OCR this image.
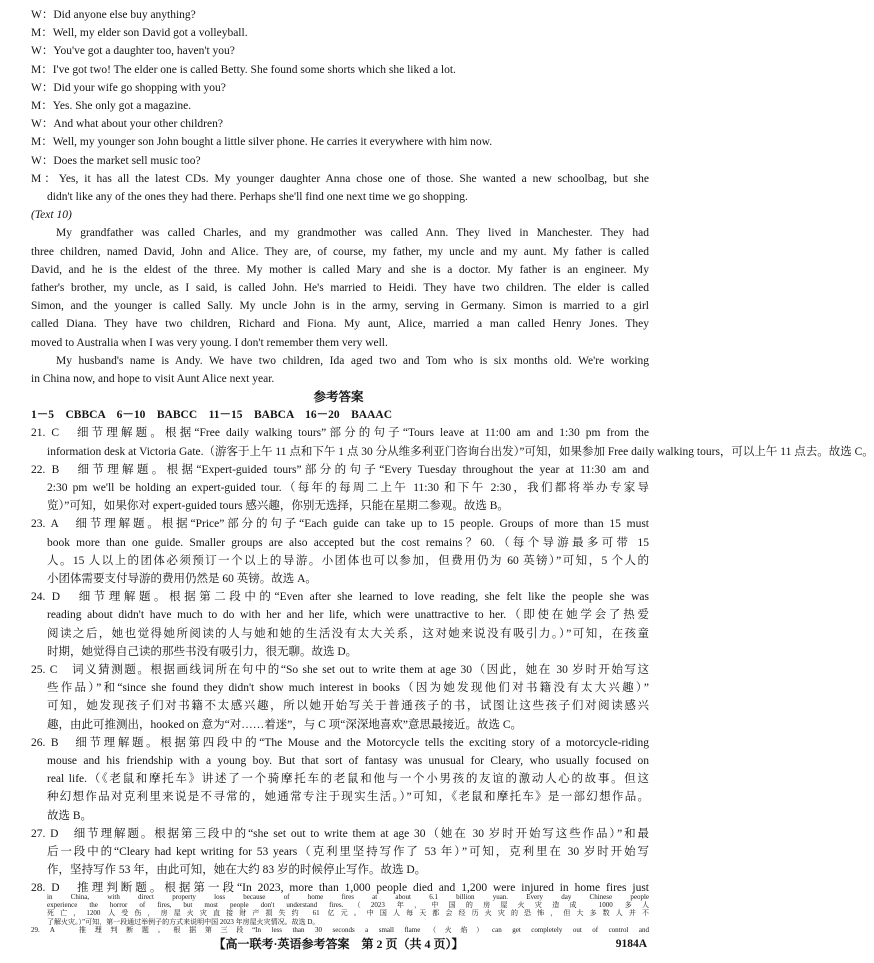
W：Did anyone else buy anything?
M：Well, my elder son David got a volleyball.
W：You've got a daughter too, haven't you?
M：I've got two! The elder one is called Betty. She found some shorts which she liked a lot.
W：Did your wife go shopping with you?
M：Yes. She only got a magazine.
W：And what about your other children?
M：Well, my younger son John bought a little silver phone. He carries it everywhere with him now.
W：Does the market sell music too?
M：Yes, it has all the latest CDs. My younger daughter Anna chose one of those. She wanted a new schoolbag, but she
didn't like any of the ones they had there. Perhaps she'll find one next time we go shopping.
(Text 10)
My grandfather was called Charles, and my grandmother was called Ann. They lived in Manchester. They had
three children, named David, John and Alice. They are, of course, my father, my uncle and my aunt. My father is called
David, and he is the eldest of the three. My mother is called Mary and she is a doctor. My father is an engineer. My
father's brother, my uncle, as I said, is called John. He's married to Heidi. They have two children. The elder is called
Simon, and the younger is called Sally. My uncle John is in the army, serving in Germany. Simon is married to a girl
called Diana. They have two children, Richard and Fiona. My aunt, Alice, married a man called Henry Jones. They
moved to Australia when I was very young. I don't remember them very well.
My husband's name is Andy. We have two children, Ida aged two and Tom who is six months old. We're working
in China now, and hope to visit Aunt Alice next year.
参考答案
1－5　CBBCA　6－10　BABCC　11－15　BABCA　16－20　BAAAC
21. C　细节理解题。根据“Free daily walking tours”部分的句子“Tours leave at 11:00 am and 1:30 pm from the
information desk at Victoria Gate.（游客于上午 11 点和下午 1 点 30 分从维多利亚门咨询台出发）”可知，如果参加 Free daily walking tours，可以上午 11 点去。故选 C。
22. B　细节理解题。根据“Expert-guided tours”部分的句子“Every Tuesday throughout the year at 11:30 am and
2:30 pm we'll be holding an expert-guided tour.（每年的每周二上午 11:30 和下午 2:30，我们都将举办专家导
览）”可知，如果你对 expert-guided tours 感兴趣，你别无选择，只能在星期二参观。故选 B。
23. A　细节理解题。根据“Price”部分的句子“Each guide can take up to 15 people. Groups of more than 15 must
book more than one guide. Smaller groups are also accepted but the cost remains？60.（每个导游最多可带 15
人。15 人以上的团体必须预订一个以上的导游。小团体也可以参加，但费用仍为 60 英镑）”可知，5 个人的
小团体需要支付导游的费用仍然是 60 英镑。故选 A。
24. D　细节理解题。根据第二段中的“Even after she learned to love reading, she felt like the people she was
reading about didn't have much to do with her and her life, which were unattractive to her.（即使在她学会了热爱
阅读之后，她也觉得她所阅读的人与她和她的生活没有太大关系，这对她来说没有吸引力。）”可知，在孩童
时期，她觉得自己读的那些书没有吸引力，很无聊。故选 D。
25. C　词义猜测题。根据画线词所在句中的“So she set out to write them at age 30（因此，她在 30 岁时开始写这
些作品）”和“since she found they didn't show much interest in books（因为她发现他们对书籍没有太大兴趣）”
可知，她发现孩子们对书籍不太感兴趣，所以她开始写关于普通孩子的书，试图让这些孩子们对阅读感兴
趣，由此可推测出，hooked on 意为“对……着迷”，与 C 项“深深地喜欢”意思最接近。故选 C。
26. B　细节理解题。根据第四段中的“The Mouse and the Motorcycle tells the exciting story of a motorcycle-riding
mouse and his friendship with a young boy. But that sort of fantasy was unusual for Cleary, who usually focused on
real life.（《老鼠和摩托车》讲述了一个骑摩托车的老鼠和他与一个小男孩的友谊的激动人心的故事。但这
种幻想作品对克利里来说是不寻常的，她通常专注于现实生活。）”可知，《老鼠和摩托车》是一部幻想作品。
故选 B。
27. D　细节理解题。根据第三段中的“she set out to write them at age 30（她在 30 岁时开始写这些作品）”和最
后一段中的“Cleary had kept writing for 53 years（克利里坚持写作了 53 年）”可知，克利里在 30 岁时开始写
作，坚持写作 53 年，由此可知，她在大约 83 岁的时候停止写作。故选 D。
28. D　推理判断题。根据第一段“In 2023, more than 1,000 people died and 1,200 were injured in home fires just
【高一联考·英语参考答案　第 2 页（共 4 页）】	9184A
in China, with direct property loss because of home fires at about 6.1 billion yuan. Every day Chinese people
experience the horror of fires, but most people don't understand fires.（2023 年，中国的房屋火灾造成 1000 多人
死亡，1200 人受伤，房屋火灾直接财产损失约 61 亿元。中国人每天都会经历火灾的恐怖，但大多数人并不
了解火灾。）”可知，第一段通过举例子的方式来说明中国 2023 年房屋火灾情况。故选 D。
29. A　推理判断题。根据第三段“In less than 30 seconds a small flame（火焰）can get completely out of control and
